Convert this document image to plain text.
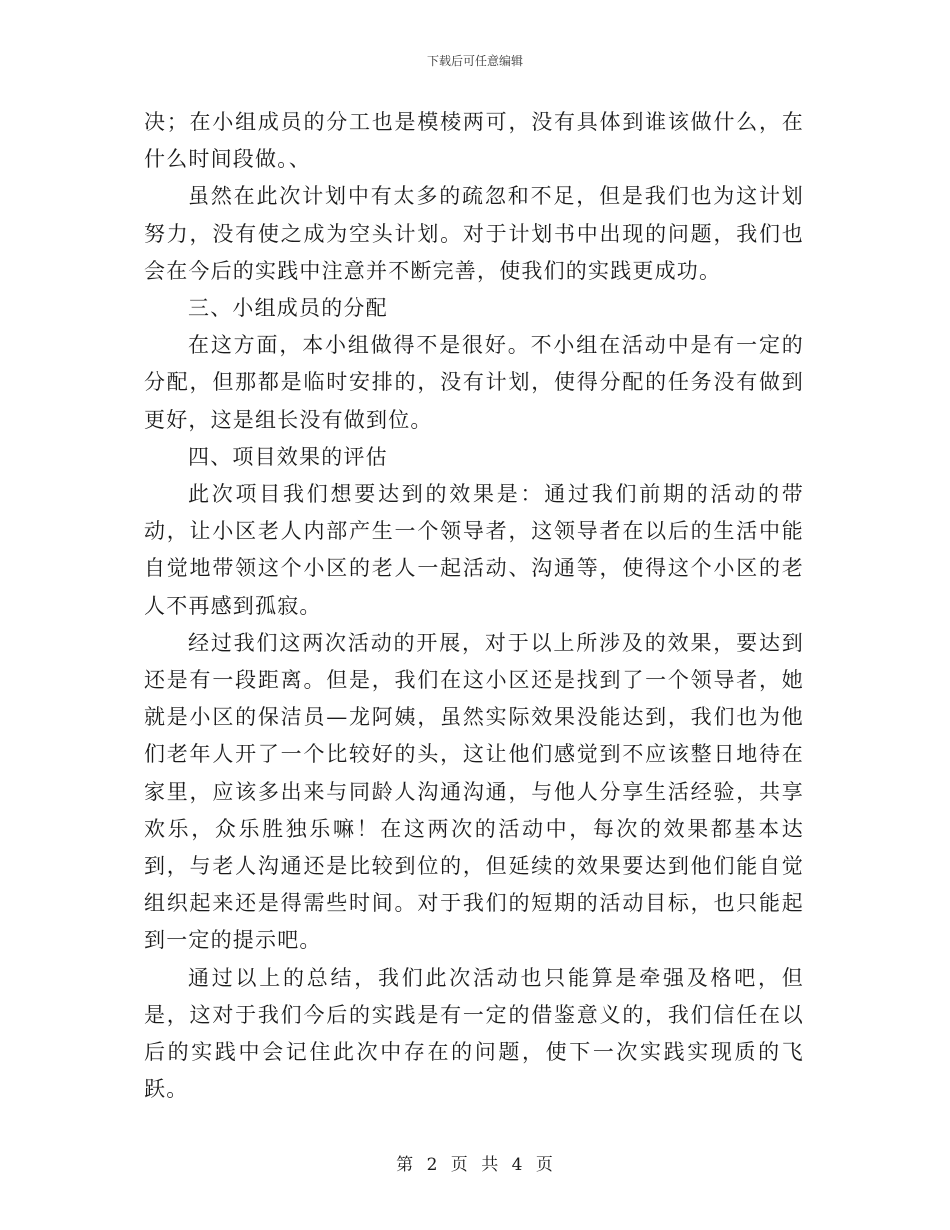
下载后可任意编辑

决；在小组成员的分工也是模棱两可，没有具体到谁该做什么，在什么时间段做。、

虽然在此次计划中有太多的疏忽和不足，但是我们也为这计划努力，没有使之成为空头计划。对于计划书中出现的问题，我们也会在今后的实践中注意并不断完善，使我们的实践更成功。

三、小组成员的分配

在这方面，本小组做得不是很好。不小组在活动中是有一定的分配，但那都是临时安排的，没有计划，使得分配的任务没有做到更好，这是组长没有做到位。

四、项目效果的评估

此次项目我们想要达到的效果是：通过我们前期的活动的带动，让小区老人内部产生一个领导者，这领导者在以后的生活中能自觉地带领这个小区的老人一起活动、沟通等，使得这个小区的老人不再感到孤寂。

经过我们这两次活动的开展，对于以上所涉及的效果，要达到还是有一段距离。但是，我们在这小区还是找到了一个领导者，她就是小区的保洁员—龙阿姨，虽然实际效果没能达到，我们也为他们老年人开了一个比较好的头，这让他们感觉到不应该整日地待在家里，应该多出来与同龄人沟通沟通，与他人分享生活经验，共享欢乐，众乐胜独乐嘛！在这两次的活动中，每次的效果都基本达到，与老人沟通还是比较到位的，但延续的效果要达到他们能自觉组织起来还是得需些时间。对于我们的短期的活动目标，也只能起到一定的提示吧。

通过以上的总结，我们此次活动也只能算是牵强及格吧，但是，这对于我们今后的实践是有一定的借鉴意义的，我们信任在以后的实践中会记住此次中存在的问题，使下一次实践实现质的飞跃。

第 2 页 共 4 页
